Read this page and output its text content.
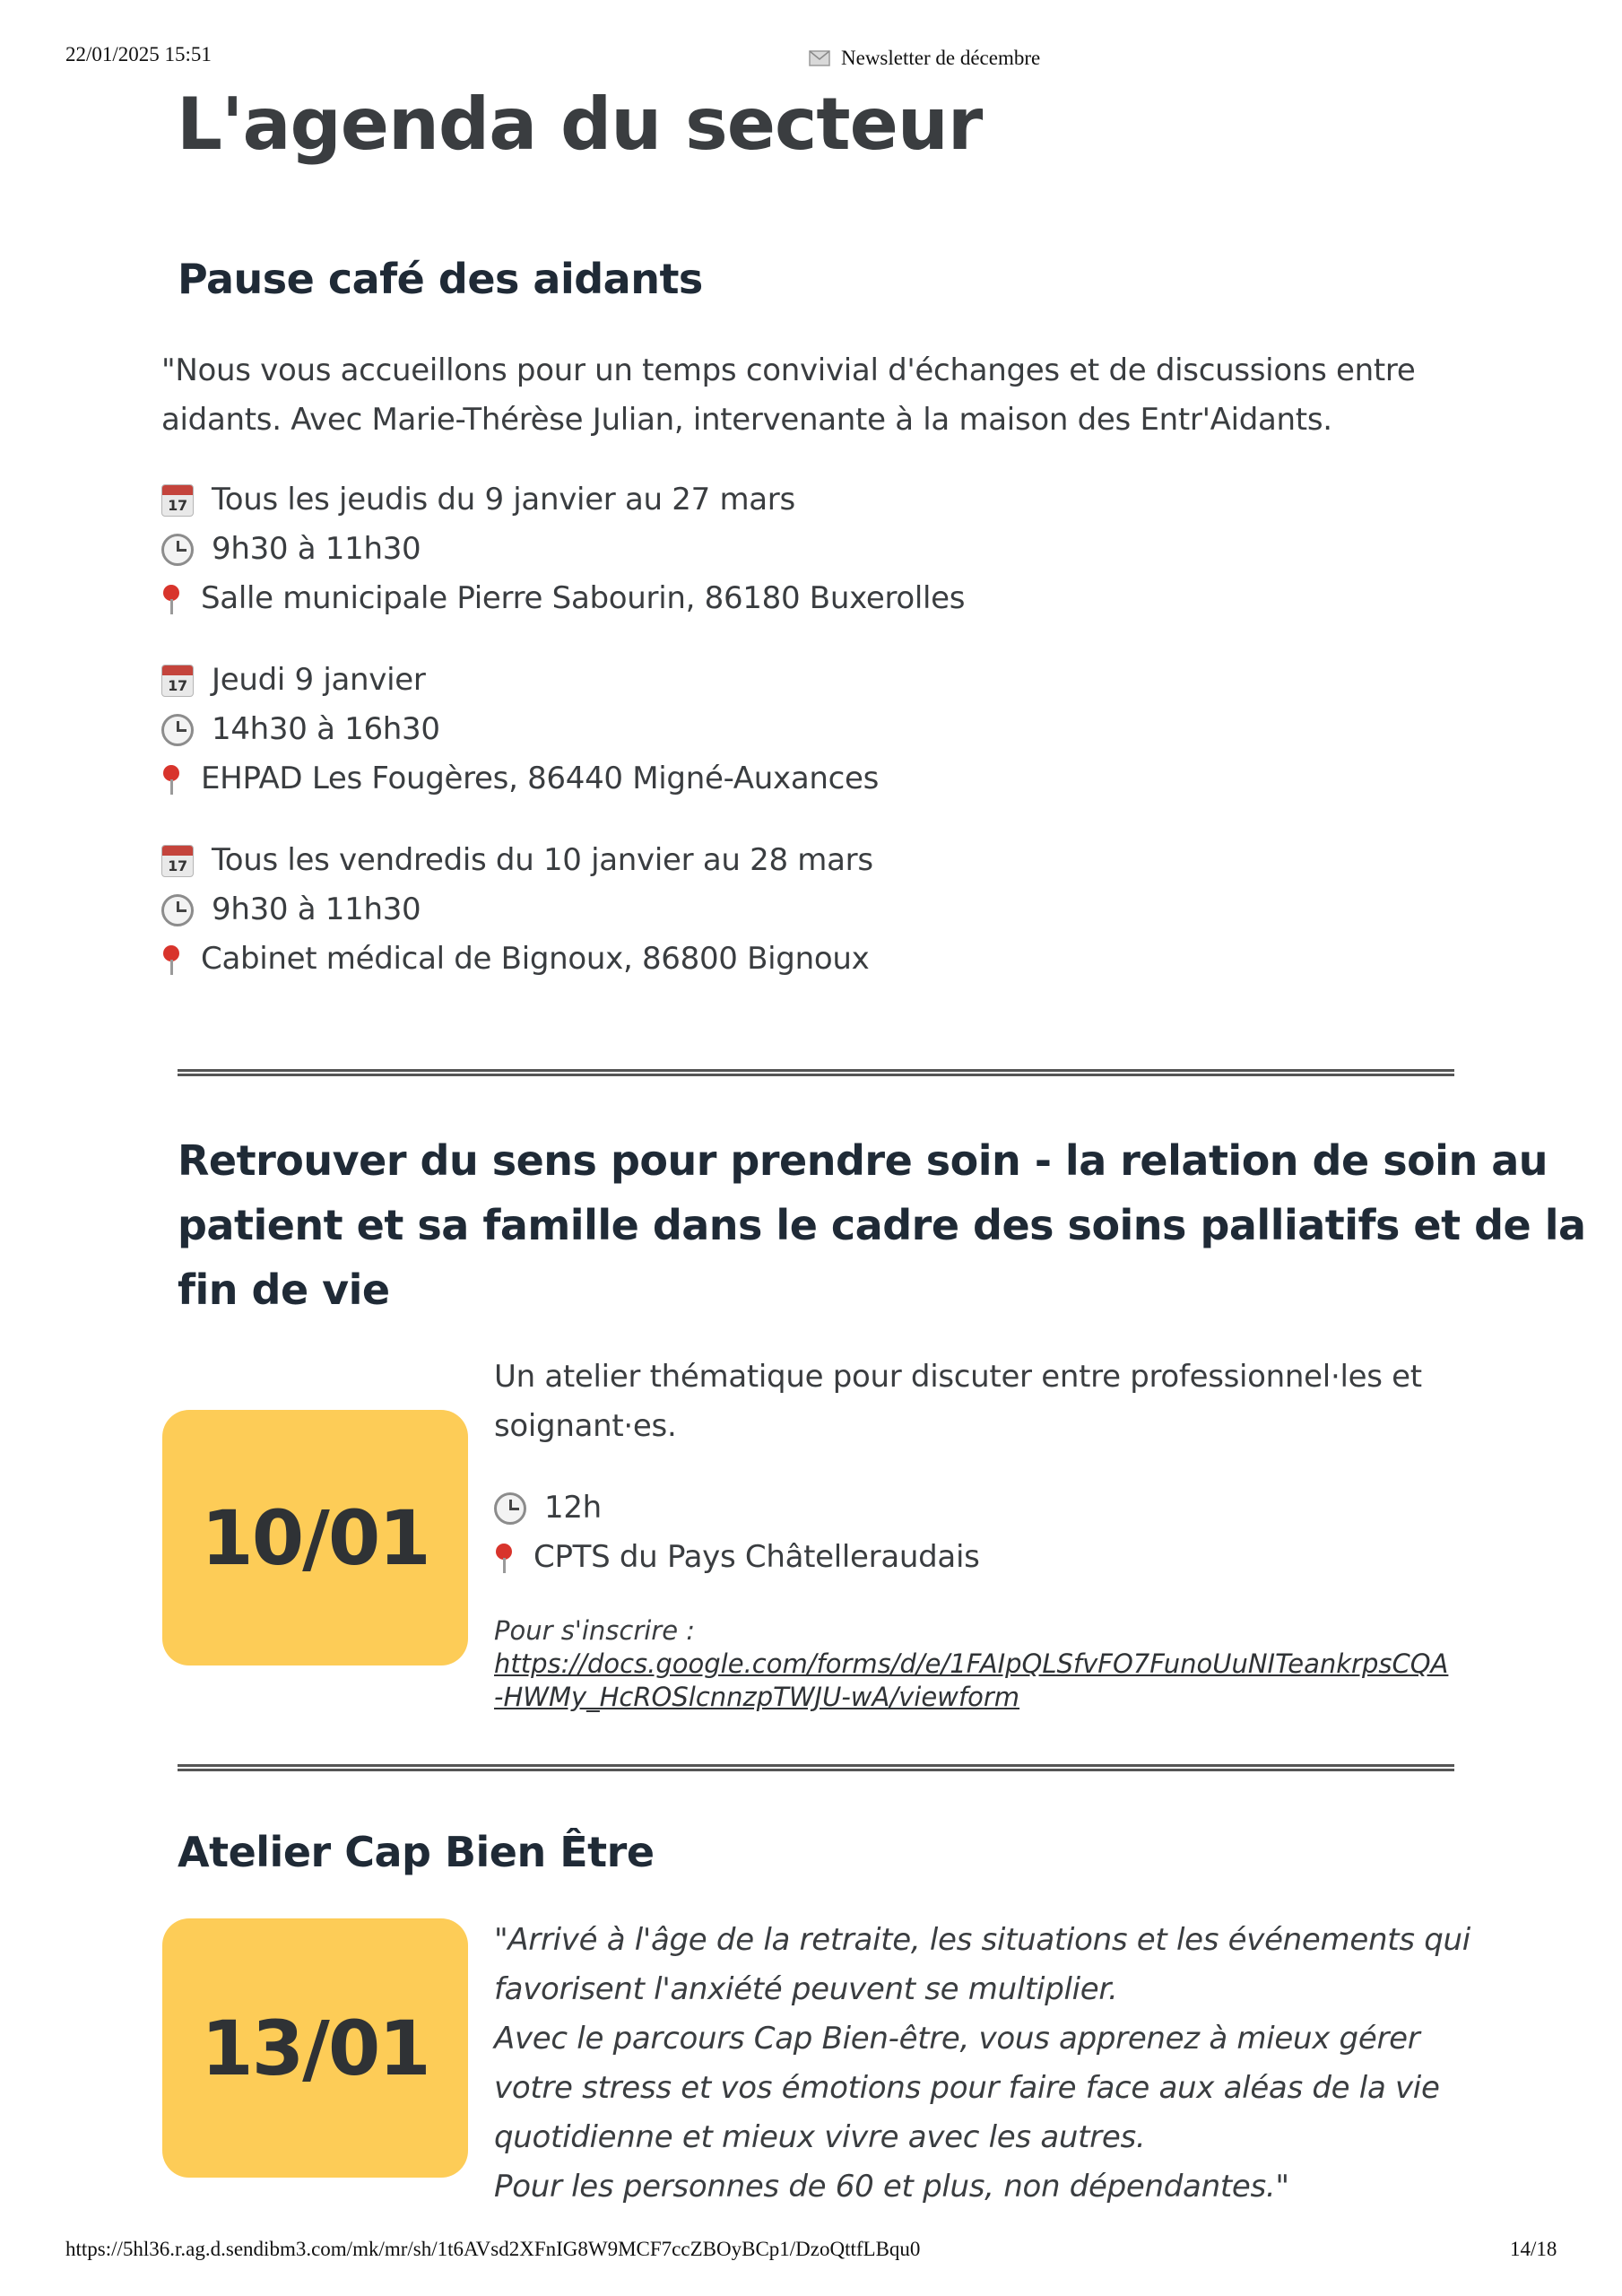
22/01/2025 15:51	Newsletter de décembre
L'agenda du secteur
Pause café des aidants
"Nous vous accueillons pour un temps convivial d'échanges et de discussions entre
aidants. Avec Marie-Thérèse Julian, intervenante à la maison des Entr'Aidants.
17 Tous les jeudis du 9 janvier au 27 mars
9h30 à 11h30
Salle municipale Pierre Sabourin, 86180 Buxerolles
17 Jeudi 9 janvier
14h30 à 16h30
EHPAD Les Fougères, 86440 Migné-Auxances
17 Tous les vendredis du 10 janvier au 28 mars
9h30 à 11h30
Cabinet médical de Bignoux, 86800 Bignoux
Retrouver du sens pour prendre soin - la relation de soin au
patient et sa famille dans le cadre des soins palliatifs et de la
fin de vie
10/01
Un atelier thématique pour discuter entre professionnel·les et
soignant·es.
12h
CPTS du Pays Châtelleraudais
Pour s'inscrire :
https://docs.google.com/forms/d/e/1FAIpQLSfvFO7FunoUuNITeankrpsCQA
-HWMy_HcROSlcnnzpTWJU-wA/viewform
Atelier Cap Bien Être
13/01
"Arrivé à l'âge de la retraite, les situations et les événements qui
favorisent l'anxiété peuvent se multiplier.
Avec le parcours Cap Bien-être, vous apprenez à mieux gérer
votre stress et vos émotions pour faire face aux aléas de la vie
quotidienne et mieux vivre avec les autres.
Pour les personnes de 60 et plus, non dépendantes."
https://5hl36.r.ag.d.sendibm3.com/mk/mr/sh/1t6AVsd2XFnIG8W9MCF7ccZBOyBCp1/DzoQttfLBqu0	14/18
